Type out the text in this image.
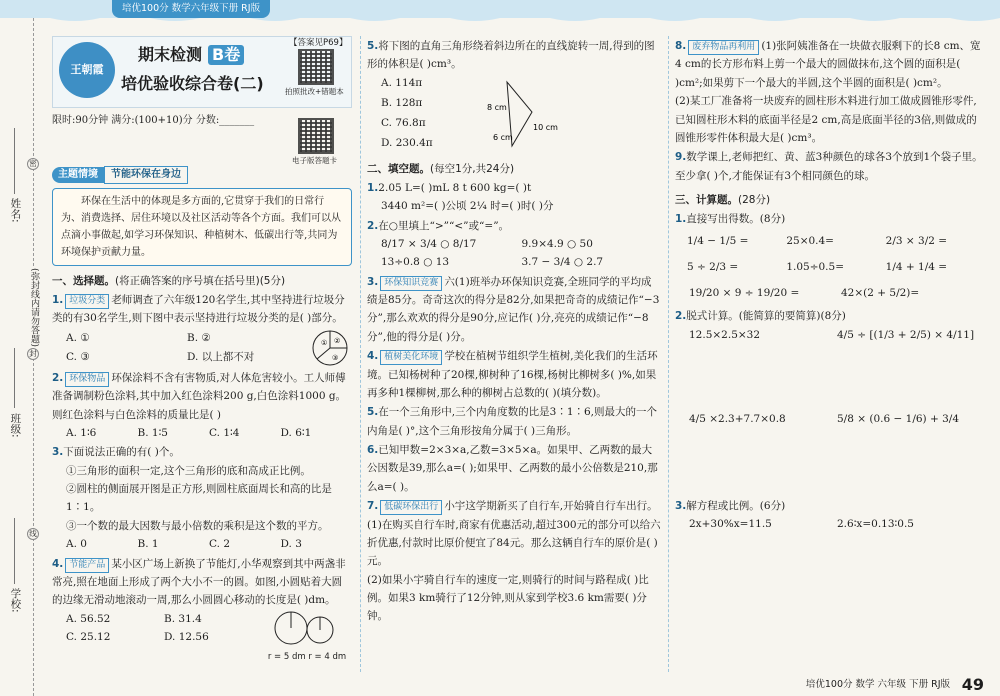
培优100分 数学六年级下册 RJ版
姓名:
班级:
学校:
(弥封线内请勿答题)
密
封
线
王朝霞
期末检测 B卷
培优验收综合卷(二)
【答案见P69】
拍照批改+错题本
限时:90分钟 满分:(100+10)分 分数:_______
电子版答题卡
主题情境 节能环保在身边
环保在生活中的体现是多方面的,它贯穿于我们的日常行为、消费选择、居住环境以及社区活动等各个方面。我们可以从点滴小事做起,如学习环保知识、种植树木、低碳出行等,共同为环境保护贡献力量。
一、选择题。(将正确答案的序号填在括号里)(5分)
1. 垃圾分类 老师调查了六年级120名学生,其中坚持进行垃圾分类的有30名学生,则下图中表示坚持进行垃圾分类的是( )部分。
A. ①	B. ②
C. ③	D. 以上都不对
① ②
③
2. 环保物品 环保涂料不含有害物质,对人体危害较小。工人师傅准备调制粉色涂料,其中加入红色涂料200 g,白色涂料1000 g。则红色涂料与白色涂料的质量比是( )
A. 1∶6	B. 1∶5	C. 1∶4	D. 6∶1
3.下面说法正确的有( )个。
①三角形的面积一定,这个三角形的底和高成正比例。
②圆柱的侧面展开图是正方形,则圆柱底面周长和高的比是1∶1。
③一个数的最大因数与最小倍数的乘积是这个数的平方。
A. 0	B. 1	C. 2	D. 3
4. 节能产品 某小区广场上新换了节能灯,小华观察到其中两盏非常亮,照在地面上形成了两个大小不一的圆。如图,小圆贴着大圆的边缘无滑动地滚动一周,那么小圆圆心移动的长度是( )dm。
A. 56.52	B. 31.4
C. 25.12	D. 12.56
r = 5 dm r = 4 dm
5.将下图的直角三角形绕着斜边所在的直线旋转一周,得到的图形的体积是( )cm³。
A. 114π
B. 128π
C. 76.8π
D. 230.4π
8 cm
10 cm
6 cm
二、填空题。(每空1分,共24分)
1.2.05 L=( )mL 8 t 600 kg=( )t
3440 m²=( )公顷 2¼ 时=( )时( )分
2.在○里填上“>”“<”或“=”。
8/17 × 3/4 ○ 8/17	9.9×4.9 ○ 50
13÷0.8 ○ 13	3.7 − 3/4 ○ 2.7
3. 环保知识竞赛 六(1)班举办环保知识竞赛,全班同学的平均成绩是85分。奇奇这次的得分是82分,如果把奇奇的成绩记作“−3分”,那么欢欢的得分是90分,应记作( )分,亮亮的成绩记作“−8分”,他的得分是( )分。
4. 植树美化环境 学校在植树节组织学生植树,美化我们的生活环境。已知杨树种了20棵,柳树种了16棵,杨树比柳树多( )%,如果再多种1棵柳树,那么种的柳树占总数的( )(填分数)。
5.在一个三角形中,三个内角度数的比是3∶1∶6,则最大的一个内角是( )°,这个三角形按角分属于( )三角形。
6.已知甲数=2×3×a,乙数=3×5×a。如果甲、乙两数的最大公因数是39,那么a=( );如果甲、乙两数的最小公倍数是210,那么a=( )。
7. 低碳环保出行 小宇这学期新买了自行车,开始骑自行车出行。
(1)在购买自行车时,商家有优惠活动,超过300元的部分可以给六折优惠,付款时比原价便宜了84元。那么这辆自行车的原价是( )元。
(2)如果小宇骑自行车的速度一定,则骑行的时间与路程成( )比例。如果3 km骑行了12分钟,则从家到学校3.6 km需要( )分钟。
8. 废弃物品再利用 (1)张阿姨准备在一块做衣服剩下的长8 cm、宽4 cm的长方形布料上剪一个最大的圆做抹布,这个圆的面积是( )cm²;如果剪下一个最大的半圆,这个半圆的面积是( )cm²。
(2)某工厂准备将一块废弃的圆柱形木料进行加工做成圆锥形零件,已知圆柱形木料的底面半径是2 cm,高是底面半径的3倍,则做成的圆锥形零件体积最大是( )cm³。
9.数学课上,老师把红、黄、蓝3种颜色的球各3个放到1个袋子里。至少拿( )个,才能保证有3个相同颜色的球。
三、计算题。(28分)
1.直接写出得数。(8分)
1/4 − 1/5 =	25×0.4=	2/3 × 3/2 =
5 ÷ 2/3 =	1.05÷0.5=	1/4 + 1/4 =
19/20 × 9 ÷ 19/20 =	42×(2 + 5/2)=
2.脱式计算。(能简算的要简算)(8分)
12.5×2.5×32	4/5 ÷ [(1/3 + 2/5) × 4/11]
4/5 ×2.3+7.7×0.8	5/8 × (0.6 − 1/6) + 3/4
3.解方程或比例。(6分)
2x+30%x=11.5	2.6∶x=0.13∶0.5
培优100分 数学 六年级 下册 RJ版 49
